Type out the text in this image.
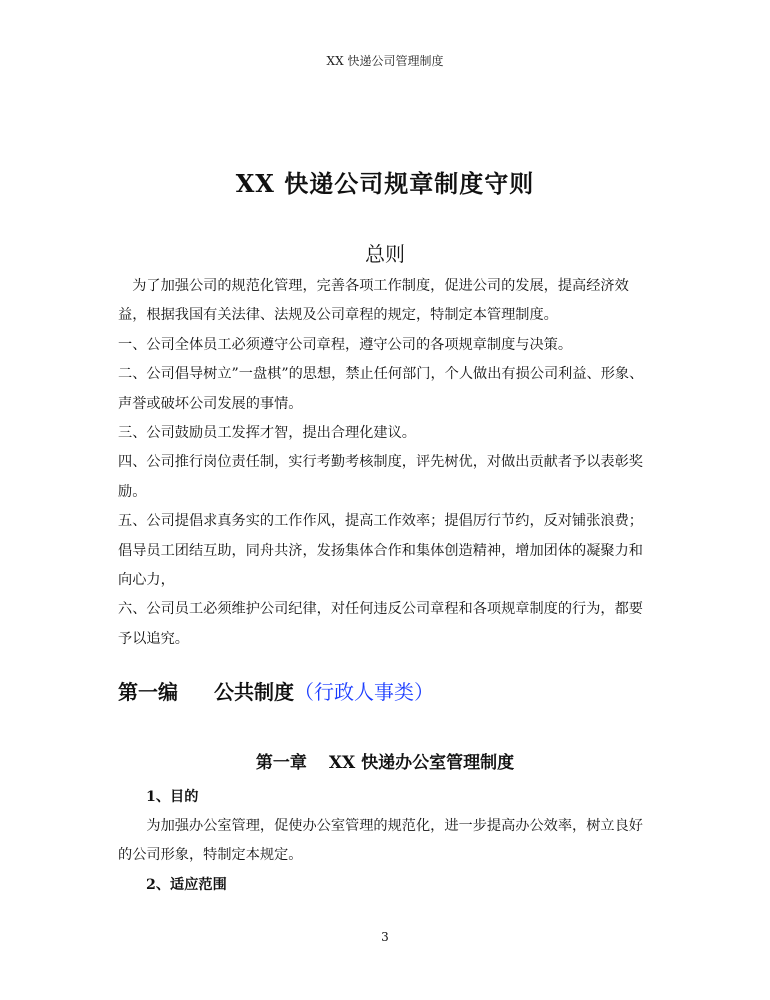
XX 快递公司管理制度
XX 快递公司规章制度守则
总则

为了加强公司的规范化管理，完善各项工作制度，促进公司的发展，提高经济效益，根据我国有关法律、法规及公司章程的规定，特制定本管理制度。

一、公司全体员工必须遵守公司章程，遵守公司的各项规章制度与决策。

二、公司倡导树立”一盘棋”的思想，禁止任何部门，个人做出有损公司利益、形象、声誉或破坏公司发展的事情。

三、公司鼓励员工发挥才智，提出合理化建议。

四、公司推行岗位责任制，实行考勤考核制度，评先树优，对做出贡献者予以表彰奖励。

五、公司提倡求真务实的工作作风，提高工作效率；提倡厉行节约，反对铺张浪费；倡导员工团结互助，同舟共济，发扬集体合作和集体创造精神，增加团体的凝聚力和向心力，

六、公司员工必须维护公司纪律，对任何违反公司章程和各项规章制度的行为，都要予以追究。

第一编 公共制度（行政人事类）
第一章 XX 快递办公室管理制度
1、目的

为加强办公室管理，促使办公室管理的规范化，进一步提高办公效率，树立良好的公司形象，特制定本规定。

2、适应范围
3
